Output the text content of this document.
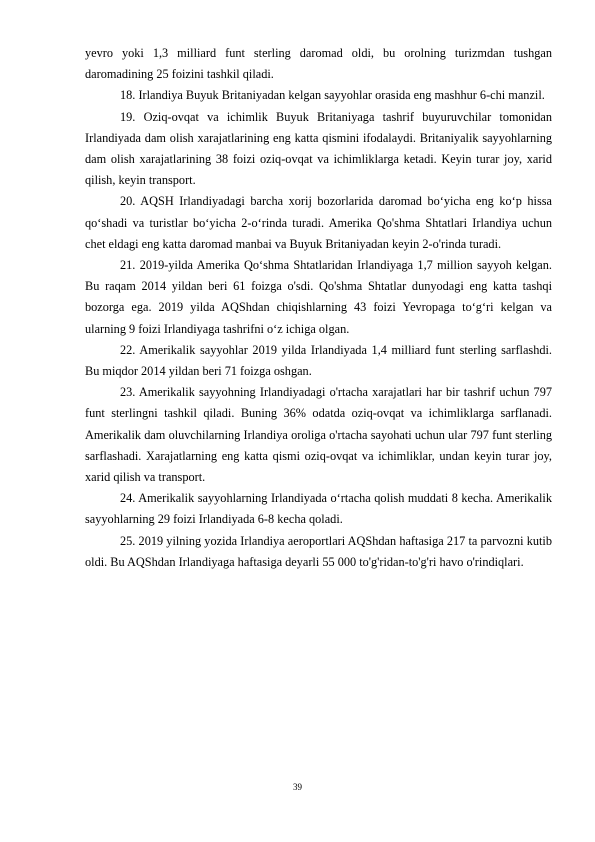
yevro yoki 1,3 milliard funt sterling daromad oldi, bu orolning turizmdan tushgan daromadining 25 foizini tashkil qiladi.

18. Irlandiya Buyuk Britaniyadan kelgan sayyohlar orasida eng mashhur 6-chi manzil.

19. Oziq-ovqat va ichimlik Buyuk Britaniyaga tashrif buyuruvchilar tomonidan Irlandiyada dam olish xarajatlarining eng katta qismini ifodalaydi. Britaniyalik sayyohlarning dam olish xarajatlarining 38 foizi oziq-ovqat va ichimliklarga ketadi. Keyin turar joy, xarid qilish, keyin transport.

20. AQSH Irlandiyadagi barcha xorij bozorlarida daromad bo‘yicha eng ko‘p hissa qo‘shadi va turistlar bo‘yicha 2-o‘rinda turadi. Amerika Qo'shma Shtatlari Irlandiya uchun chet eldagi eng katta daromad manbai va Buyuk Britaniyadan keyin 2-o'rinda turadi.

21. 2019-yilda Amerika Qo‘shma Shtatlaridan Irlandiyaga 1,7 million sayyoh kelgan. Bu raqam 2014 yildan beri 61 foizga o'sdi. Qo'shma Shtatlar dunyodagi eng katta tashqi bozorga ega. 2019 yilda AQShdan chiqishlarning 43 foizi Yevropaga to‘g‘ri kelgan va ularning 9 foizi Irlandiyaga tashrifni o‘z ichiga olgan.

22. Amerikalik sayyohlar 2019 yilda Irlandiyada 1,4 milliard funt sterling sarflashdi. Bu miqdor 2014 yildan beri 71 foizga oshgan.

23. Amerikalik sayyohning Irlandiyadagi o'rtacha xarajatlari har bir tashrif uchun 797 funt sterlingni tashkil qiladi. Buning 36% odatda oziq-ovqat va ichimliklarga sarflanadi. Amerikalik dam oluvchilarning Irlandiya oroliga o'rtacha sayohati uchun ular 797 funt sterling sarflashadi. Xarajatlarning eng katta qismi oziq-ovqat va ichimliklar, undan keyin turar joy, xarid qilish va transport.

24. Amerikalik sayyohlarning Irlandiyada o‘rtacha qolish muddati 8 kecha. Amerikalik sayyohlarning 29 foizi Irlandiyada 6-8 kecha qoladi.

25. 2019 yilning yozida Irlandiya aeroportlari AQShdan haftasiga 217 ta parvozni kutib oldi. Bu AQShdan Irlandiyaga haftasiga deyarli 55 000 to'g'ridan-to'g'ri havo o'rindiqlari.

39
